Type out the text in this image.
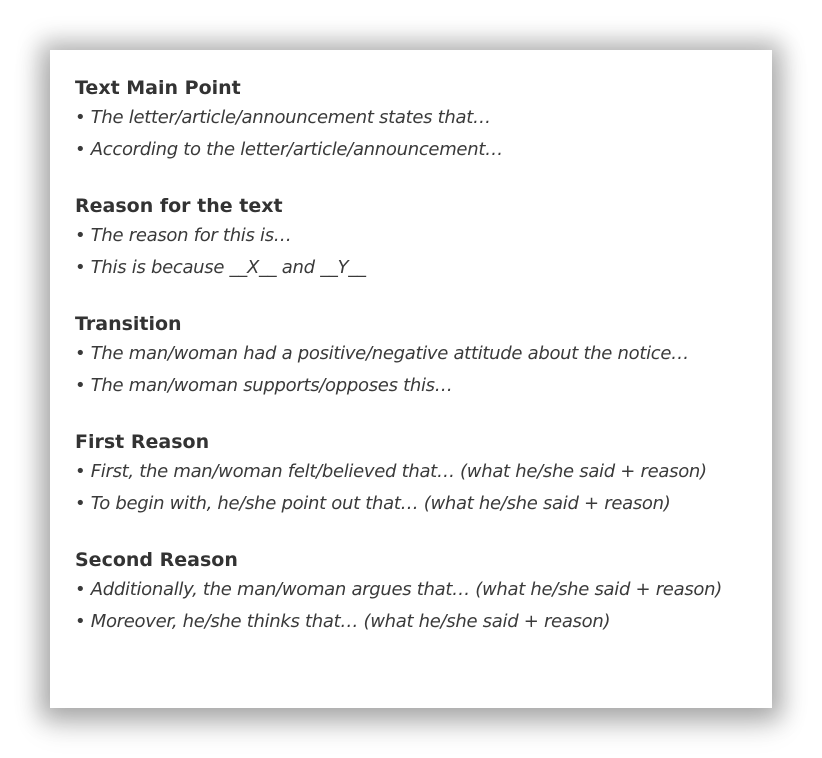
Text Main Point
• The letter/article/announcement states that…
• According to the letter/article/announcement…
Reason for the text
• The reason for this is…
• This is because __X__ and __Y__
Transition
• The man/woman had a positive/negative attitude about the notice…
• The man/woman supports/opposes this…
First Reason
• First, the man/woman felt/believed that… (what he/she said + reason)
• To begin with, he/she point out that… (what he/she said + reason)
Second Reason
• Additionally, the man/woman argues that… (what he/she said + reason)
• Moreover, he/she thinks that… (what he/she said + reason)
